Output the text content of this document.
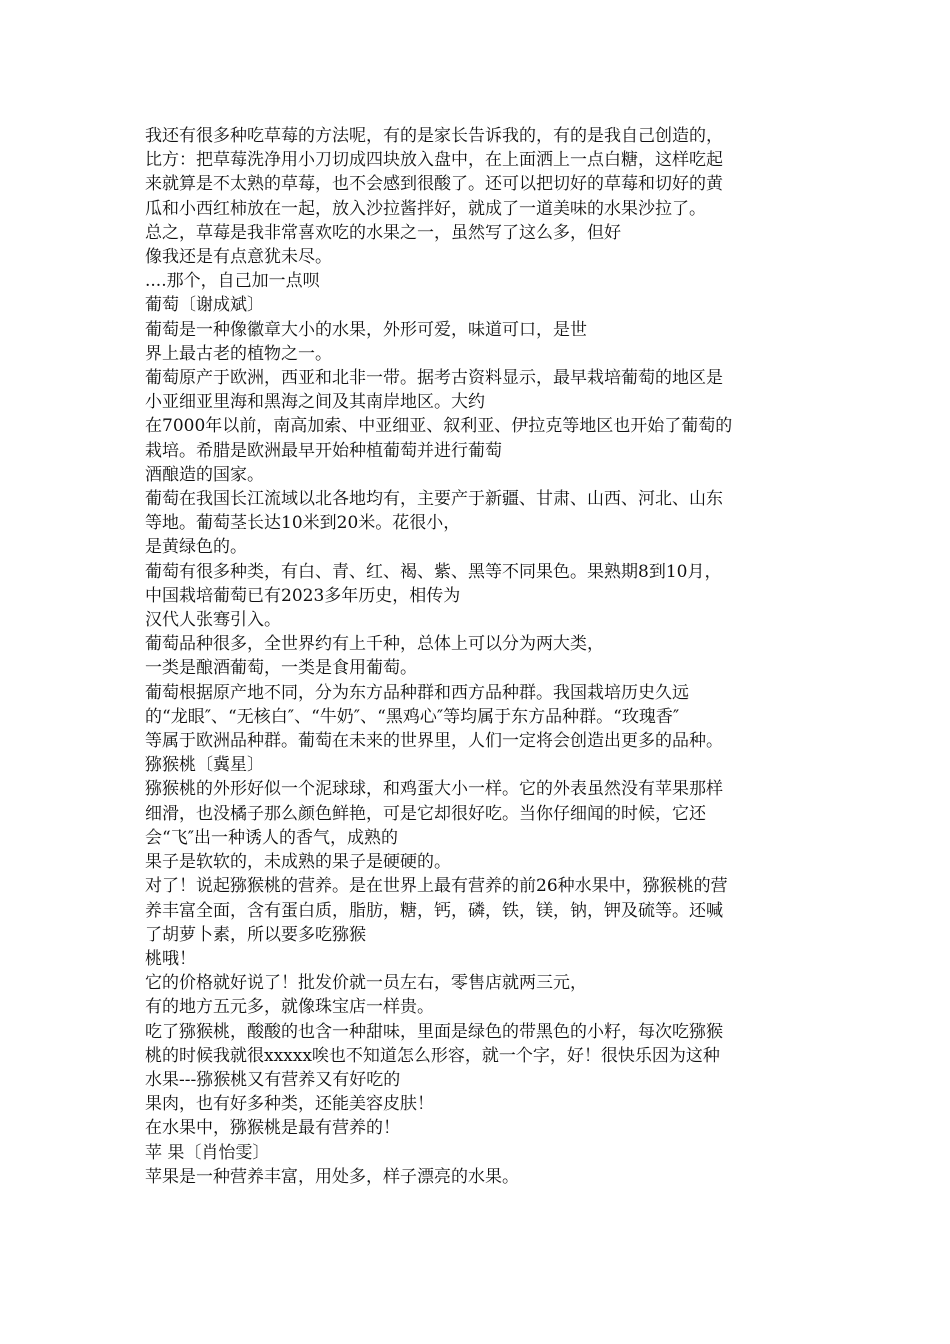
我还有很多种吃草莓的方法呢，有的是家长告诉我的，有的是我自己创造的，
比方：把草莓洗净用小刀切成四块放入盘中，在上面洒上一点白糖，这样吃起
来就算是不太熟的草莓，也不会感到很酸了。还可以把切好的草莓和切好的黄
瓜和小西红柿放在一起，放入沙拉酱拌好，就成了一道美味的水果沙拉了。
总之，草莓是我非常喜欢吃的水果之一，虽然写了这么多，但好
像我还是有点意犹未尽。
....那个，自己加一点呗
葡萄〔谢成斌〕
葡萄是一种像徽章大小的水果，外形可爱，味道可口，是世
界上最古老的植物之一。
葡萄原产于欧洲，西亚和北非一带。据考古资料显示，最早栽培葡萄的地区是
小亚细亚里海和黑海之间及其南岸地区。大约
在7000年以前，南高加索、中亚细亚、叙利亚、伊拉克等地区也开始了葡萄的
栽培。希腊是欧洲最早开始种植葡萄并进行葡萄
酒酿造的国家。
葡萄在我国长江流域以北各地均有，主要产于新疆、甘肃、山西、河北、山东
等地。葡萄茎长达10米到20米。花很小，
是黄绿色的。
葡萄有很多种类，有白、青、红、褐、紫、黑等不同果色。果熟期8到10月，
中国栽培葡萄已有2023多年历史，相传为
汉代人张骞引入。
葡萄品种很多，全世界约有上千种，总体上可以分为两大类，
一类是酿酒葡萄，一类是食用葡萄。
葡萄根据原产地不同，分为东方品种群和西方品种群。我国栽培历史久远
的“龙眼″、“无核白″、“牛奶″、“黑鸡心″等均属于东方品种群。“玫瑰香″
等属于欧洲品种群。葡萄在未来的世界里，人们一定将会创造出更多的品种。
猕猴桃〔冀星〕
猕猴桃的外形好似一个泥球球，和鸡蛋大小一样。它的外表虽然没有苹果那样
细滑，也没橘子那么颜色鲜艳，可是它却很好吃。当你仔细闻的时候，它还
会“飞″出一种诱人的香气，成熟的
果子是软软的，未成熟的果子是硬硬的。
对了！说起猕猴桃的营养。是在世界上最有营养的前26种水果中，猕猴桃的营
养丰富全面，含有蛋白质，脂肪，糖，钙，磷，铁，镁，钠，钾及硫等。还喊
了胡萝卜素，所以要多吃猕猴
桃哦！
它的价格就好说了！批发价就一员左右，零售店就两三元，
有的地方五元多，就像珠宝店一样贵。
吃了猕猴桃，酸酸的也含一种甜味，里面是绿色的带黑色的小籽，每次吃猕猴
桃的时候我就很xxxxx唉也不知道怎么形容，就一个字，好！很快乐因为这种
水果---猕猴桃又有营养又有好吃的
果肉，也有好多种类，还能美容皮肤！
在水果中，猕猴桃是最有营养的！
苹 果〔肖怡雯〕
苹果是一种营养丰富，用处多，样子漂亮的水果。
